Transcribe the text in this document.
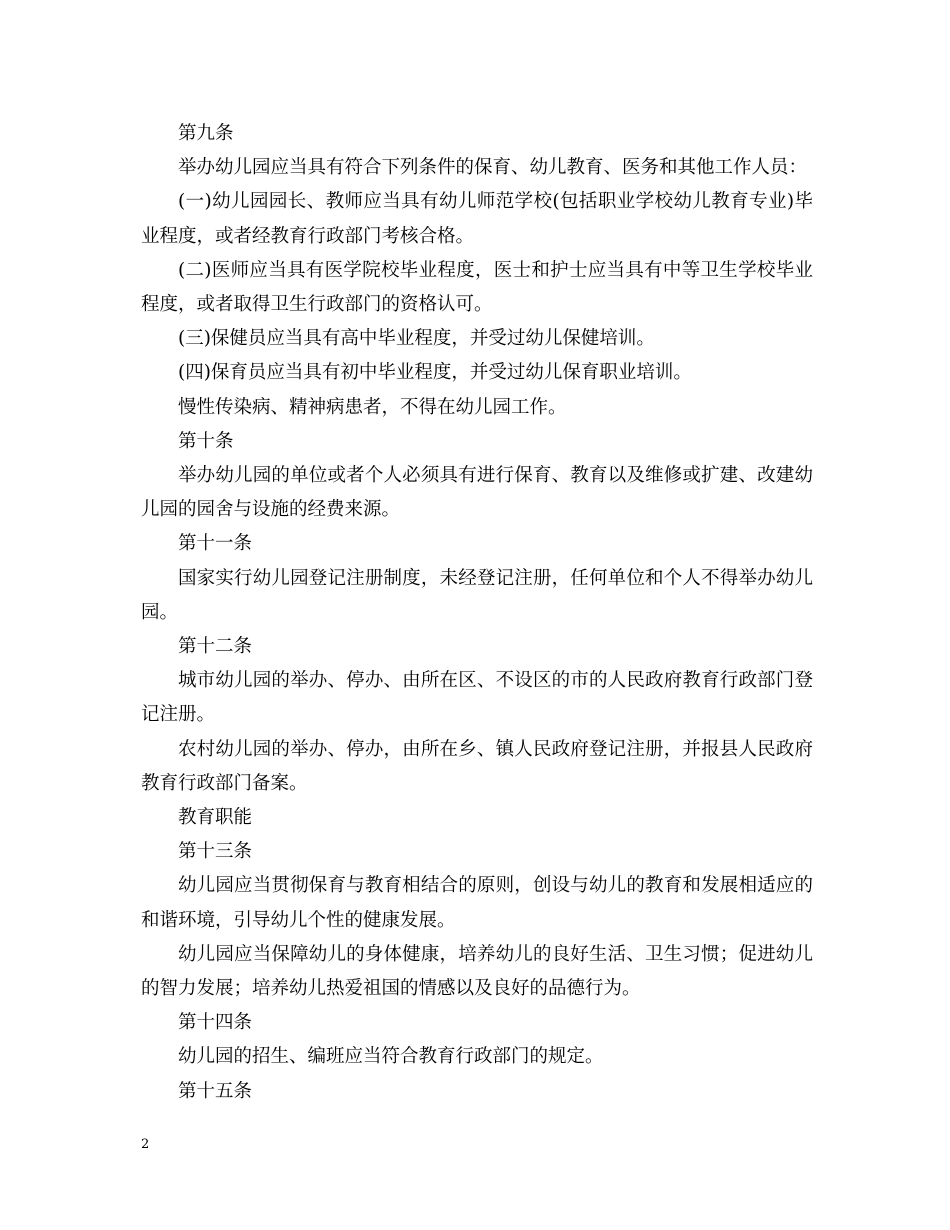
第九条

举办幼儿园应当具有符合下列条件的保育、幼儿教育、医务和其他工作人员：

(一)幼儿园园长、教师应当具有幼儿师范学校(包括职业学校幼儿教育专业)毕业程度，或者经教育行政部门考核合格。

(二)医师应当具有医学院校毕业程度，医士和护士应当具有中等卫生学校毕业程度，或者取得卫生行政部门的资格认可。

(三)保健员应当具有高中毕业程度，并受过幼儿保健培训。

(四)保育员应当具有初中毕业程度，并受过幼儿保育职业培训。

慢性传染病、精神病患者，不得在幼儿园工作。

第十条

举办幼儿园的单位或者个人必须具有进行保育、教育以及维修或扩建、改建幼儿园的园舍与设施的经费来源。

第十一条

国家实行幼儿园登记注册制度，未经登记注册，任何单位和个人不得举办幼儿园。

第十二条

城市幼儿园的举办、停办、由所在区、不设区的市的人民政府教育行政部门登记注册。

农村幼儿园的举办、停办，由所在乡、镇人民政府登记注册，并报县人民政府教育行政部门备案。

教育职能

第十三条

幼儿园应当贯彻保育与教育相结合的原则，创设与幼儿的教育和发展相适应的和谐环境，引导幼儿个性的健康发展。

幼儿园应当保障幼儿的身体健康，培养幼儿的良好生活、卫生习惯；促进幼儿的智力发展；培养幼儿热爱祖国的情感以及良好的品德行为。

第十四条

幼儿园的招生、编班应当符合教育行政部门的规定。

第十五条

2
